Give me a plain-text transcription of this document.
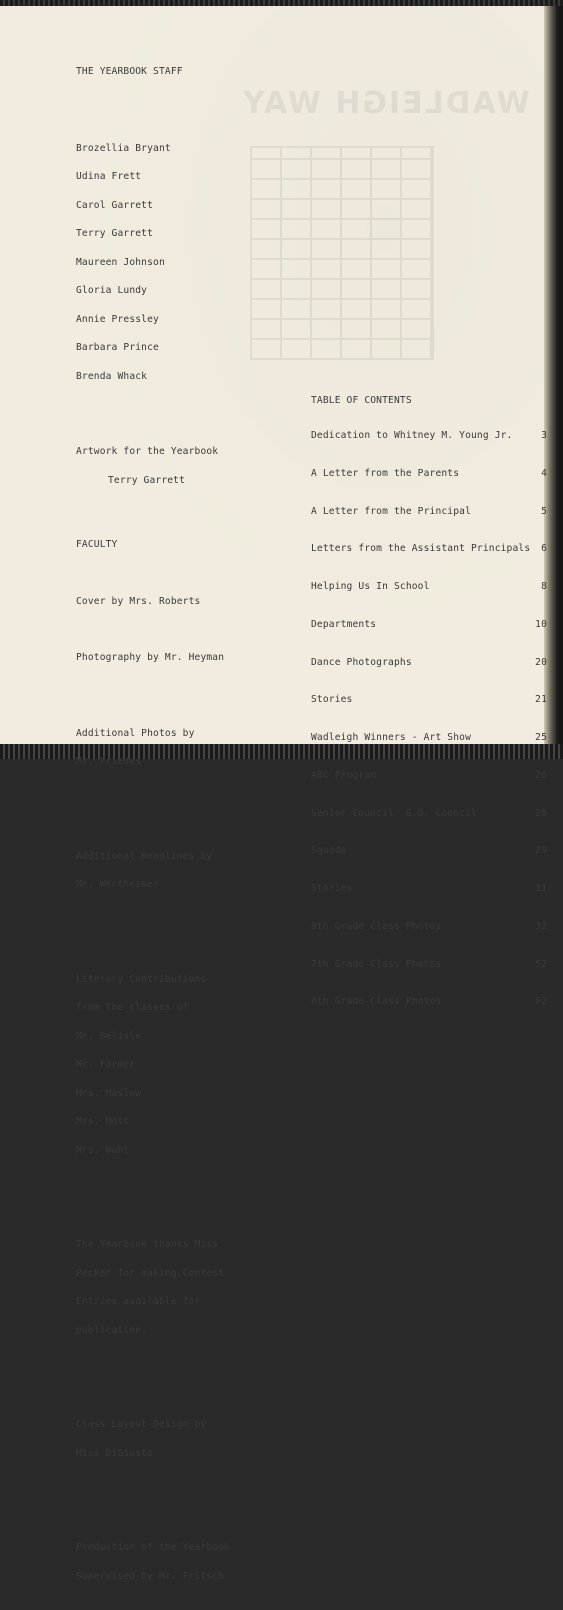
WADLEIGH WAY

THE YEARBOOK STAFF

Brozellia Bryant

Udina Frett

Carol Garrett

Terry Garrett

Maureen Johnson

Gloria Lundy

Annie Pressley

Barbara Prince

Brenda Whack

Artwork for the Yearbook

Terry Garrett

FACULTY

Cover by Mrs. Roberts

Photography by Mr. Heyman

Additional Photos by

Mr. Friedes

Additional Headlines by

Mr. Wertheimer

Literary Contributions

from the classes of

Mr. Belisle

Mr. Farmer

Mrs. Maslow

Mrs. Mott

Mrs. Wuhl

The Yearbook thanks Miss

Pecker for making Contest

Entries available for

publication.

Class Layout Design by

Miss DiGiusto

Production of the Yearbook

Supervised by Mr. Fritsch

TABLE OF CONTENTS

Dedication to Whitney M. Young Jr.	3

A Letter from the Parents	4

A Letter from the Principal	5

Letters from the Assistant Principals 6

Helping Us In School	8

Departments	10

Dance Photographs	20

Stories	21

Wadleigh Winners - Art Show	25

ABC Program	26

Senior Council  G.O. Council	28

Squads	29

Stories	31

8th Grade Class Photos	32

7th Grade Class Photos	52

6th Grade Class Photos	62
